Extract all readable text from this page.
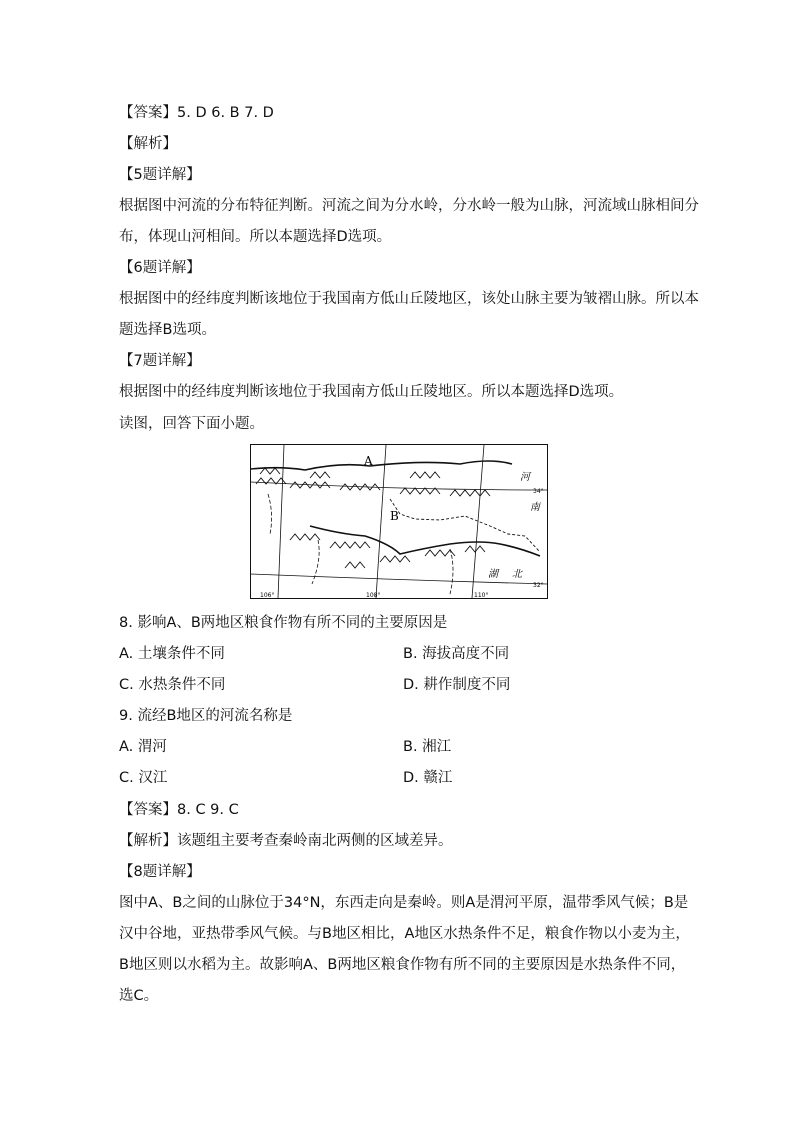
【答案】5. D 6. B 7. D
【解析】
【5题详解】
根据图中河流的分布特征判断。河流之间为分水岭，分水岭一般为山脉，河流域山脉相间分
布，体现山河相间。所以本题选择D选项。
【6题详解】
根据图中的经纬度判断该地位于我国南方低山丘陵地区，该处山脉主要为皱褶山脉。所以本
题选择B选项。
【7题详解】
根据图中的经纬度判断该地位于我国南方低山丘陵地区。所以本题选择D选项。
读图，回答下面小题。
A
B
河
南
湖 北
34°
32°
106°	108°	110°
8. 影响A、B两地区粮食作物有所不同的主要原因是
A. 土壤条件不同	B. 海拔高度不同
C. 水热条件不同	D. 耕作制度不同
9. 流经B地区的河流名称是
A. 渭河	B. 湘江
C. 汉江	D. 赣江
【答案】8. C 9. C
【解析】该题组主要考查秦岭南北两侧的区域差异。
【8题详解】
图中A、B之间的山脉位于34°N，东西走向是秦岭。则A是渭河平原，温带季风气候；B是
汉中谷地，亚热带季风气候。与B地区相比，A地区水热条件不足，粮食作物以小麦为主，
B地区则以水稻为主。故影响A、B两地区粮食作物有所不同的主要原因是水热条件不同，
选C。
